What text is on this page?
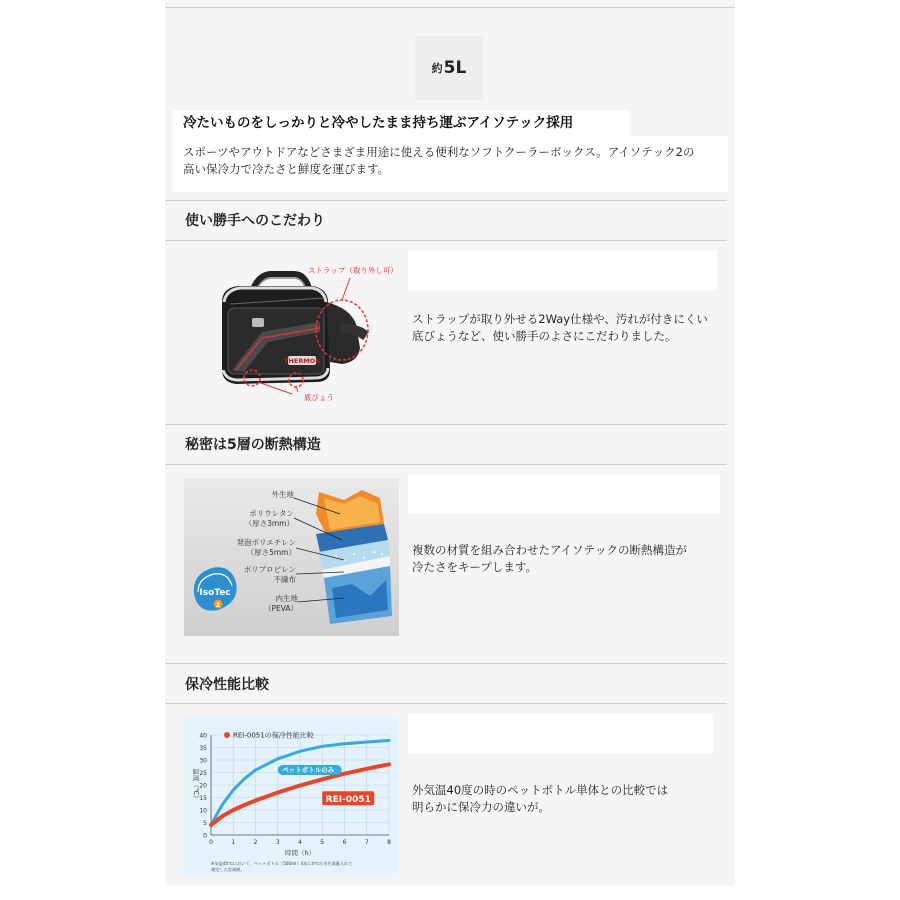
約 5L
冷たいものをしっかりと冷やしたまま持ち運ぶアイソテック採用
スポーツやアウトドアなどさまざま用途に使える便利なソフトクーラーボックス。アイソテック2の
高い保冷力で冷たさと鮮度を運びます。
使い勝手へのこだわり
THERMOS
ストラップ（取り外し可）
底びょう
ストラップが取り外せる2Way仕様や、汚れが付きにくい
底びょうなど、使い勝手のよさにこだわりました。
秘密は5層の断熱構造
外生地
ポリウレタン
（厚さ3mm）
発泡ポリエチレン
（厚さ5mm）
ポリプロピレン
不織布
内生地
（PEVA）
IsoTec
2
複数の材質を組み合わせたアイソテックの断熱構造が
冷たさをキープします。
保冷性能比較
0
5
10
15
20
25
30
35
40
0	1	2	3	4	5	6	7	8
時間（h）
温度（℃）
REI-0051の保冷性能比較
ペットボトルのみ
REI-0051
※気温40℃において、ペットボトル（500ml）4本に4℃の水を満量入れて
測定した実測値。
外気温40度の時のペットボトル単体との比較では
明らかに保冷力の違いが。
